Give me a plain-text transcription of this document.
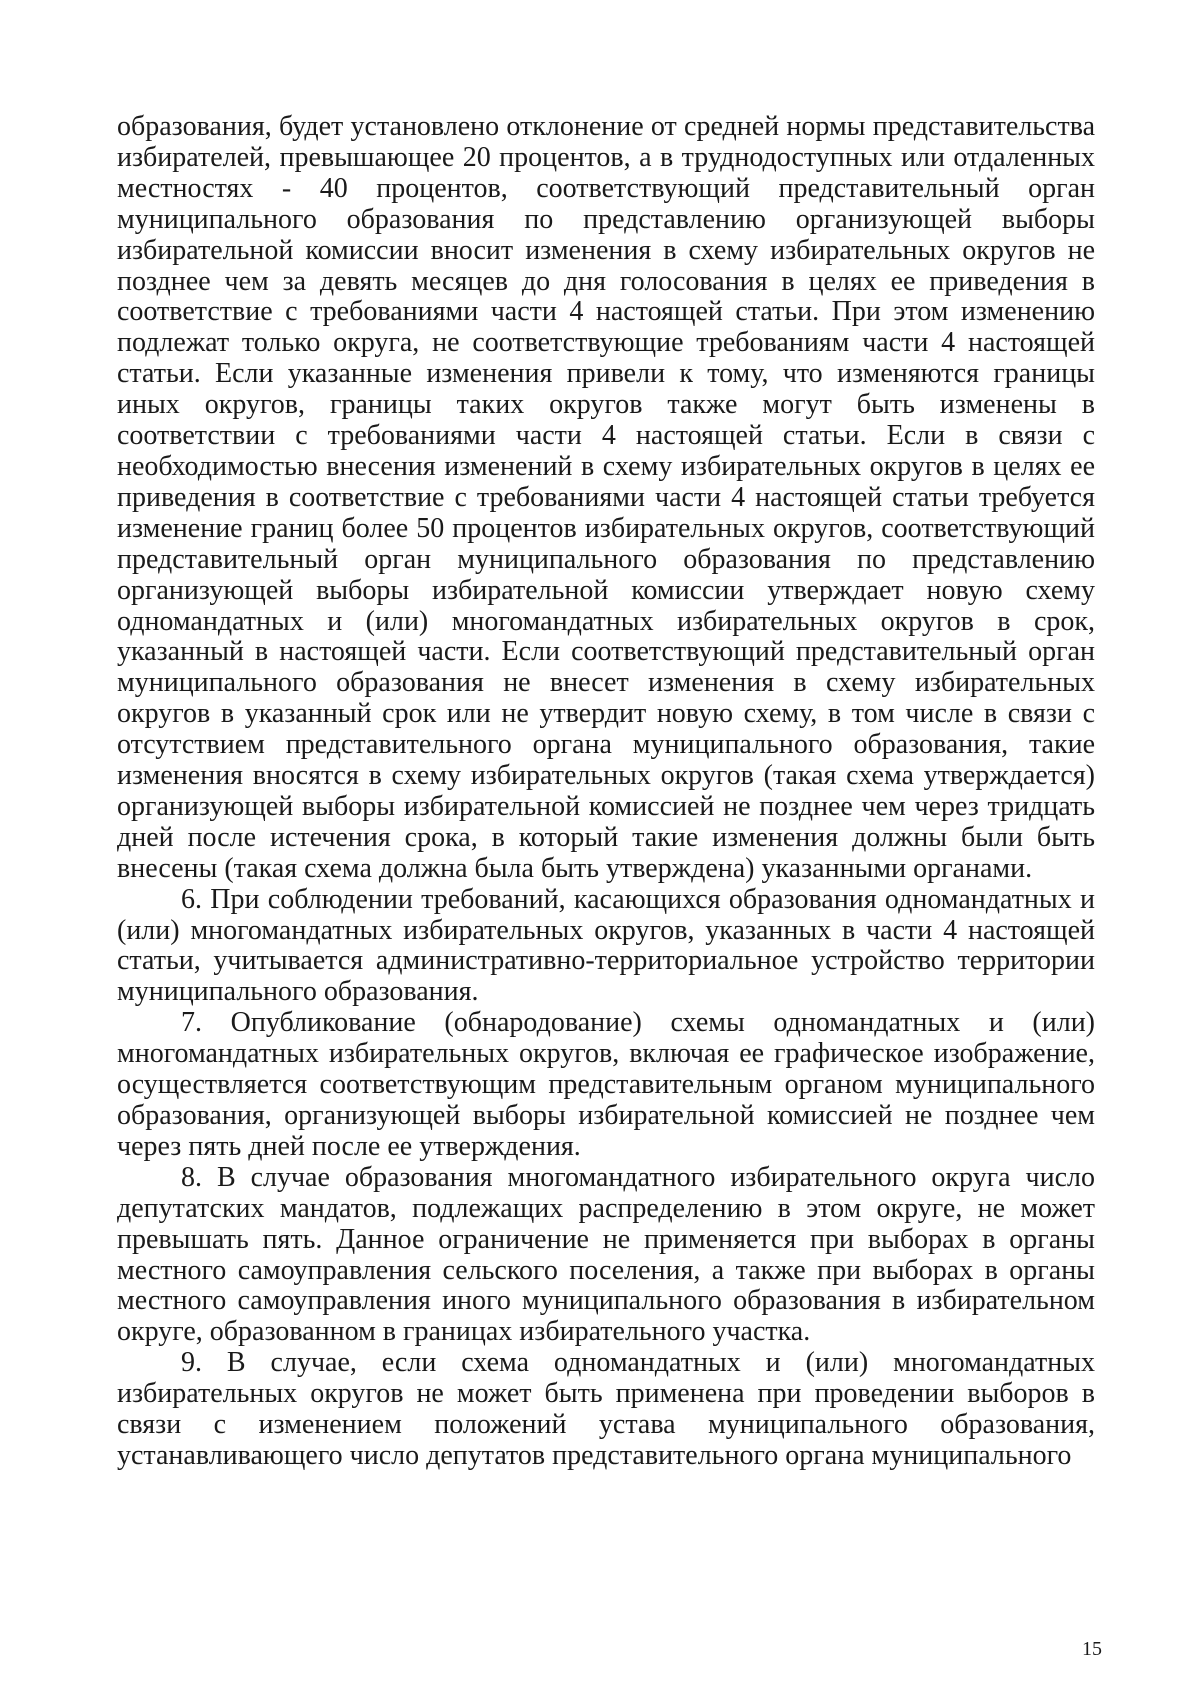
образования, будет установлено отклонение от средней нормы представительства избирателей, превышающее 20 процентов, а в труднодоступных или отдаленных местностях - 40 процентов, соответствующий представительный орган муниципального образования по представлению организующей выборы избирательной комиссии вносит изменения в схему избирательных округов не позднее чем за девять месяцев до дня голосования в целях ее приведения в соответствие с требованиями части 4 настоящей статьи. При этом изменению подлежат только округа, не соответствующие требованиям части 4 настоящей статьи. Если указанные изменения привели к тому, что изменяются границы иных округов, границы таких округов также могут быть изменены в соответствии с требованиями части 4 настоящей статьи. Если в связи с необходимостью внесения изменений в схему избирательных округов в целях ее приведения в соответствие с требованиями части 4 настоящей статьи требуется изменение границ более 50 процентов избирательных округов, соответствующий представительный орган муниципального образования по представлению организующей выборы избирательной комиссии утверждает новую схему одномандатных и (или) многомандатных избирательных округов в срок, указанный в настоящей части. Если соответствующий представительный орган муниципального образования не внесет изменения в схему избирательных округов в указанный срок или не утвердит новую схему, в том числе в связи с отсутствием представительного органа муниципального образования, такие изменения вносятся в схему избирательных округов (такая схема утверждается) организующей выборы избирательной комиссией не позднее чем через тридцать дней после истечения срока, в который такие изменения должны были быть внесены (такая схема должна была быть утверждена) указанными органами.

6. При соблюдении требований, касающихся образования одномандатных и (или) многомандатных избирательных округов, указанных в части 4 настоящей статьи, учитывается административно-территориальное устройство территории муниципального образования.

7. Опубликование (обнародование) схемы одномандатных и (или) многомандатных избирательных округов, включая ее графическое изображение, осуществляется соответствующим представительным органом муниципального образования, организующей выборы избирательной комиссией не позднее чем через пять дней после ее утверждения.

8. В случае образования многомандатного избирательного округа число депутатских мандатов, подлежащих распределению в этом округе, не может превышать пять. Данное ограничение не применяется при выборах в органы местного самоуправления сельского поселения, а также при выборах в органы местного самоуправления иного муниципального образования в избирательном округе, образованном в границах избирательного участка.

9. В случае, если схема одномандатных и (или) многомандатных избирательных округов не может быть применена при проведении выборов в связи с изменением положений устава муниципального образования, устанавливающего число депутатов представительного органа муниципального

15
